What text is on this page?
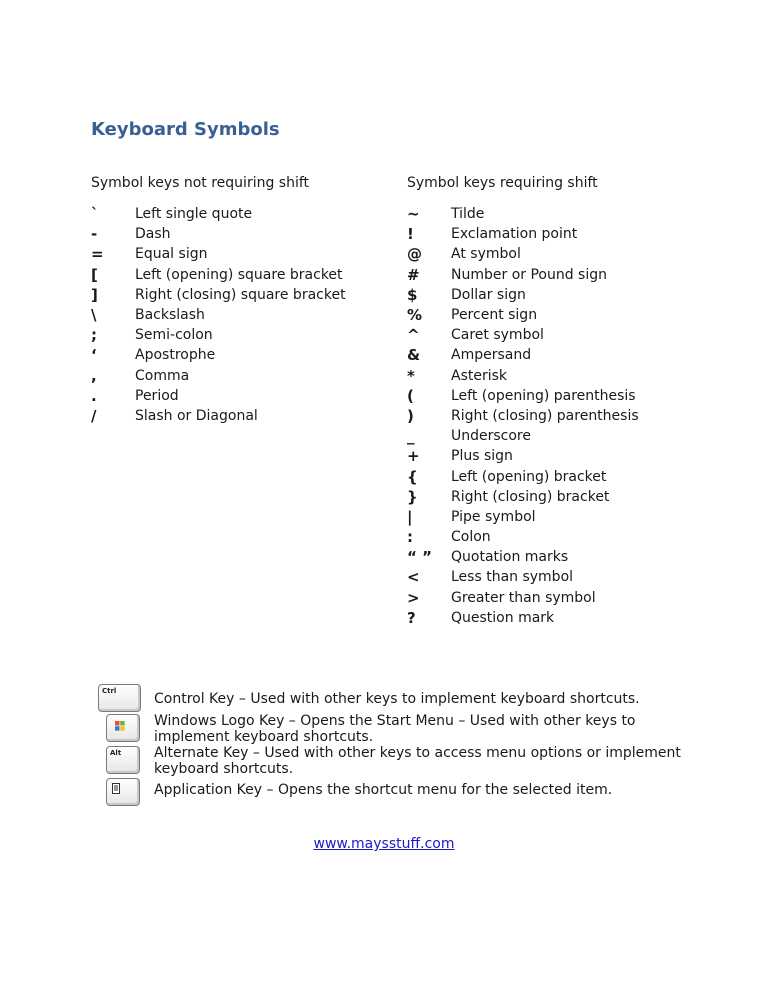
Keyboard Symbols

Symbol keys not requiring shift

`	Left single quote
-	Dash
=	Equal sign
[	Left (opening) square bracket
]	Right (closing) square bracket
\	Backslash
;	Semi-colon
‘	Apostrophe
,	Comma
.	Period
/	Slash or Diagonal

Symbol keys requiring shift

~	Tilde
!	Exclamation point
@	At symbol
#	Number or Pound sign
$	Dollar sign
%	Percent sign
^	Caret symbol
&	Ampersand
*	Asterisk
(	Left (opening) parenthesis
)	Right (closing) parenthesis
_	Underscore
+	Plus sign
{	Left (opening) bracket
}	Right (closing) bracket
|	Pipe symbol
:	Colon
“ ”	Quotation marks
<	Less than symbol
>	Greater than symbol
?	Question mark
Ctrl	Control Key – Used with other keys to implement keyboard shortcuts.
Windows Logo Key – Opens the Start Menu – Used with other keys to implement keyboard shortcuts.
Alt	Alternate Key – Used with other keys to access menu options or implement keyboard shortcuts.
Application Key – Opens the shortcut menu for the selected item.
www.maysstuff.com
